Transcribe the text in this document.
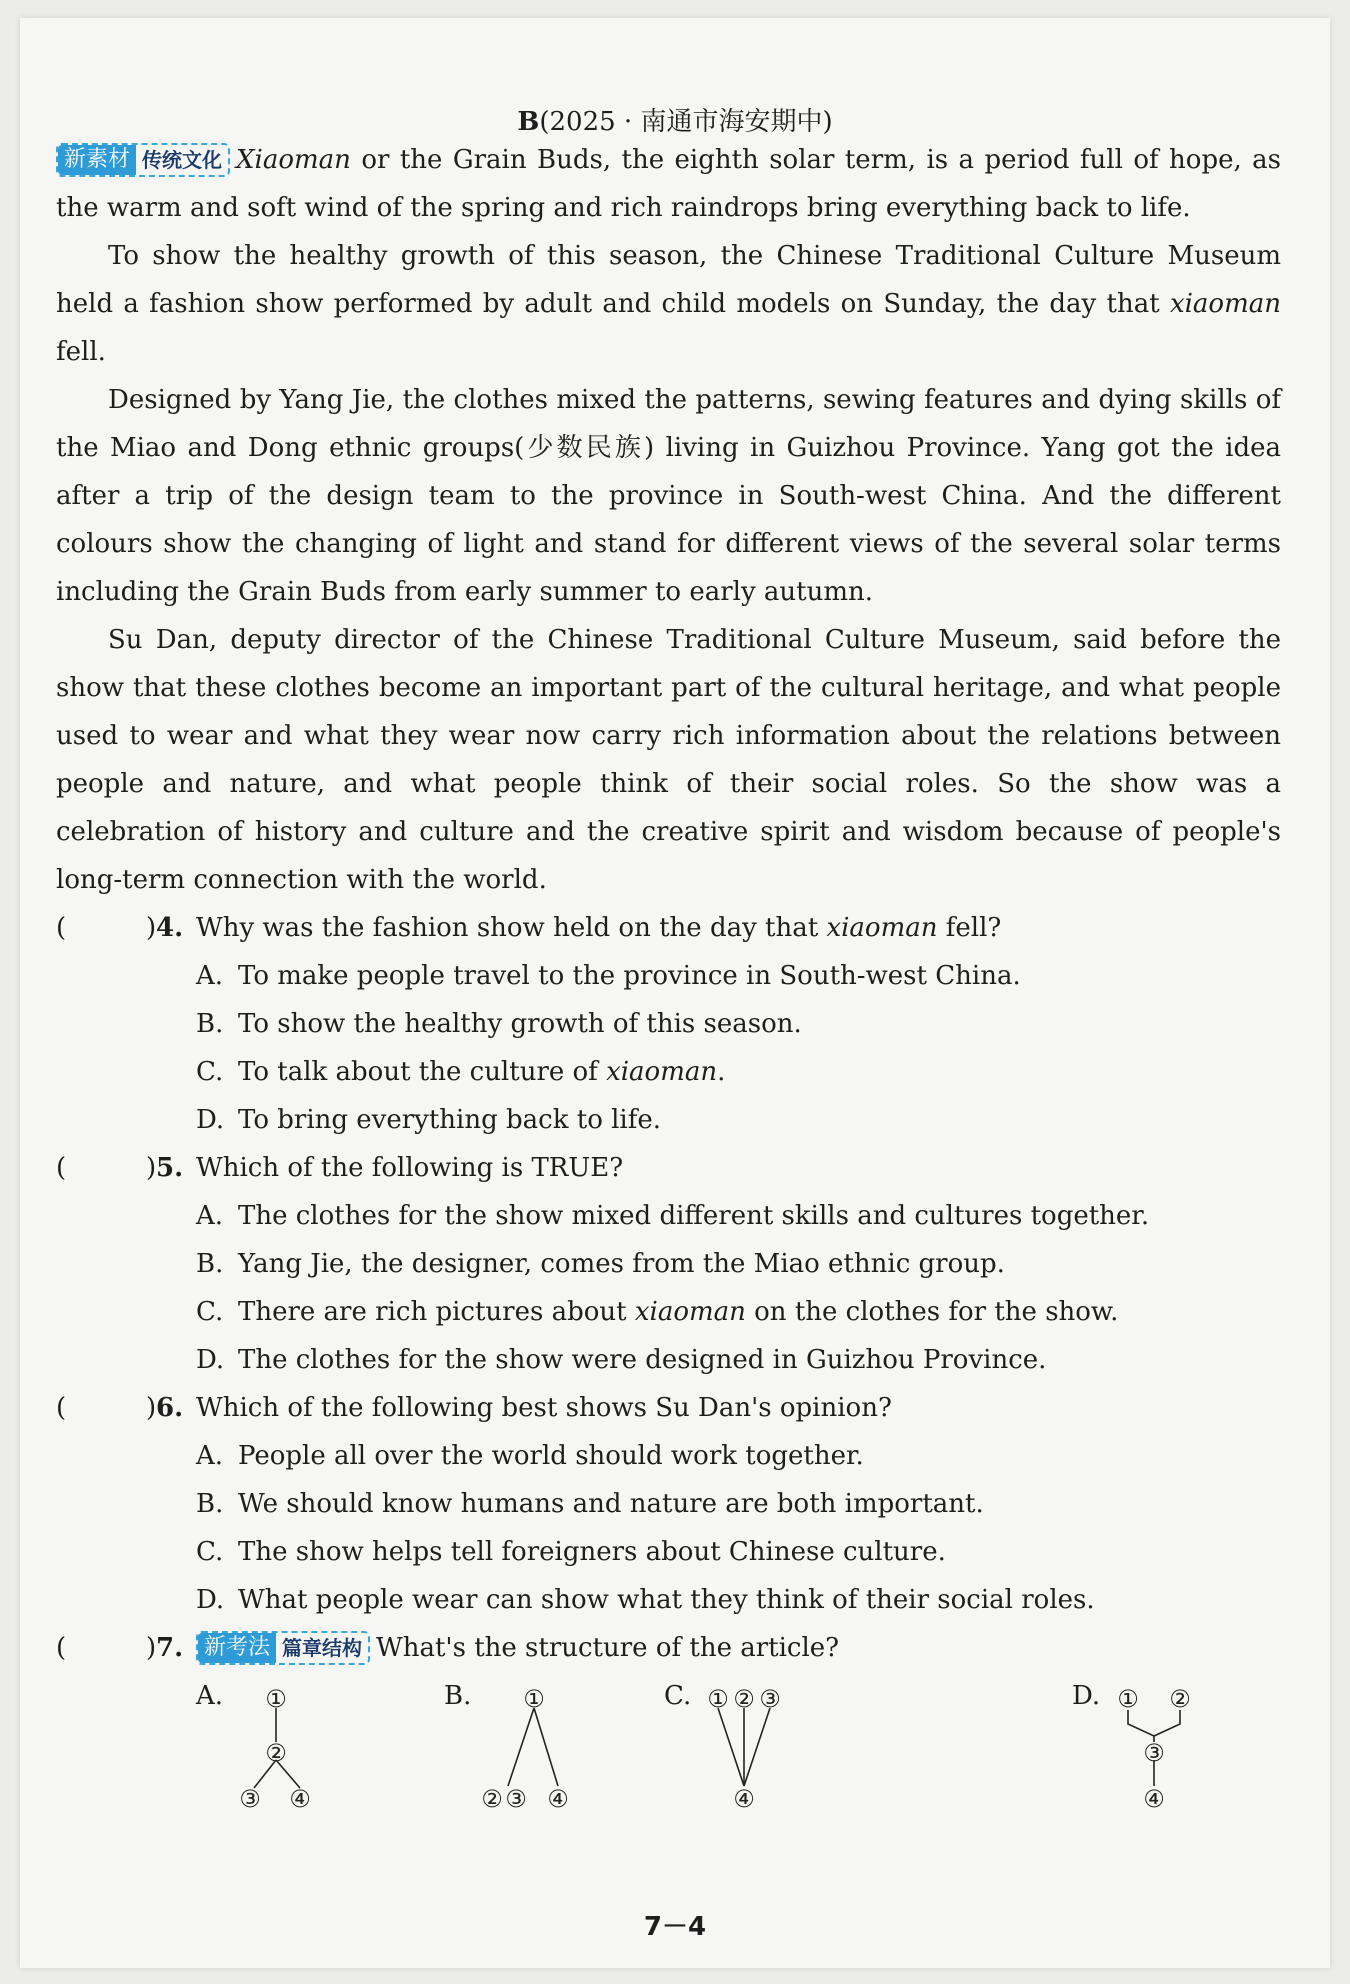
B(2025 · 南通市海安期中)

新素材 传统文化 Xiaoman or the Grain Buds, the eighth solar term, is a period full of hope, as the warm and soft wind of the spring and rich raindrops bring everything back to life.

To show the healthy growth of this season, the Chinese Traditional Culture Museum held a fashion show performed by adult and child models on Sunday, the day that xiaoman fell.

Designed by Yang Jie, the clothes mixed the patterns, sewing features and dying skills of the Miao and Dong ethnic groups(少数民族) living in Guizhou Province. Yang got the idea after a trip of the design team to the province in South-west China. And the different colours show the changing of light and stand for different views of the several solar terms including the Grain Buds from early summer to early autumn.

Su Dan, deputy director of the Chinese Traditional Culture Museum, said before the show that these clothes become an important part of the cultural heritage, and what people used to wear and what they wear now carry rich information about the relations between people and nature, and what people think of their social roles. So the show was a celebration of history and culture and the creative spirit and wisdom because of people's long-term connection with the world.

(	) 4. Why was the fashion show held on the day that xiaoman fell?
A. To make people travel to the province in South-west China.
B. To show the healthy growth of this season.
C. To talk about the culture of xiaoman.
D. To bring everything back to life.
(	) 5. Which of the following is TRUE?
A. The clothes for the show mixed different skills and cultures together.
B. Yang Jie, the designer, comes from the Miao ethnic group.
C. There are rich pictures about xiaoman on the clothes for the show.
D. The clothes for the show were designed in Guizhou Province.
(	) 6. Which of the following best shows Su Dan's opinion?
A. People all over the world should work together.
B. We should know humans and nature are both important.
C. The show helps tell foreigners about Chinese culture.
D. What people wear can show what they think of their social roles.
(	) 7. 新考法 篇章结构 What's the structure of the article?
A. ①
②
③ ④
B. ①
② ③ ④
C. ① ② ③
④
D. ① ②
③
④
7－4
